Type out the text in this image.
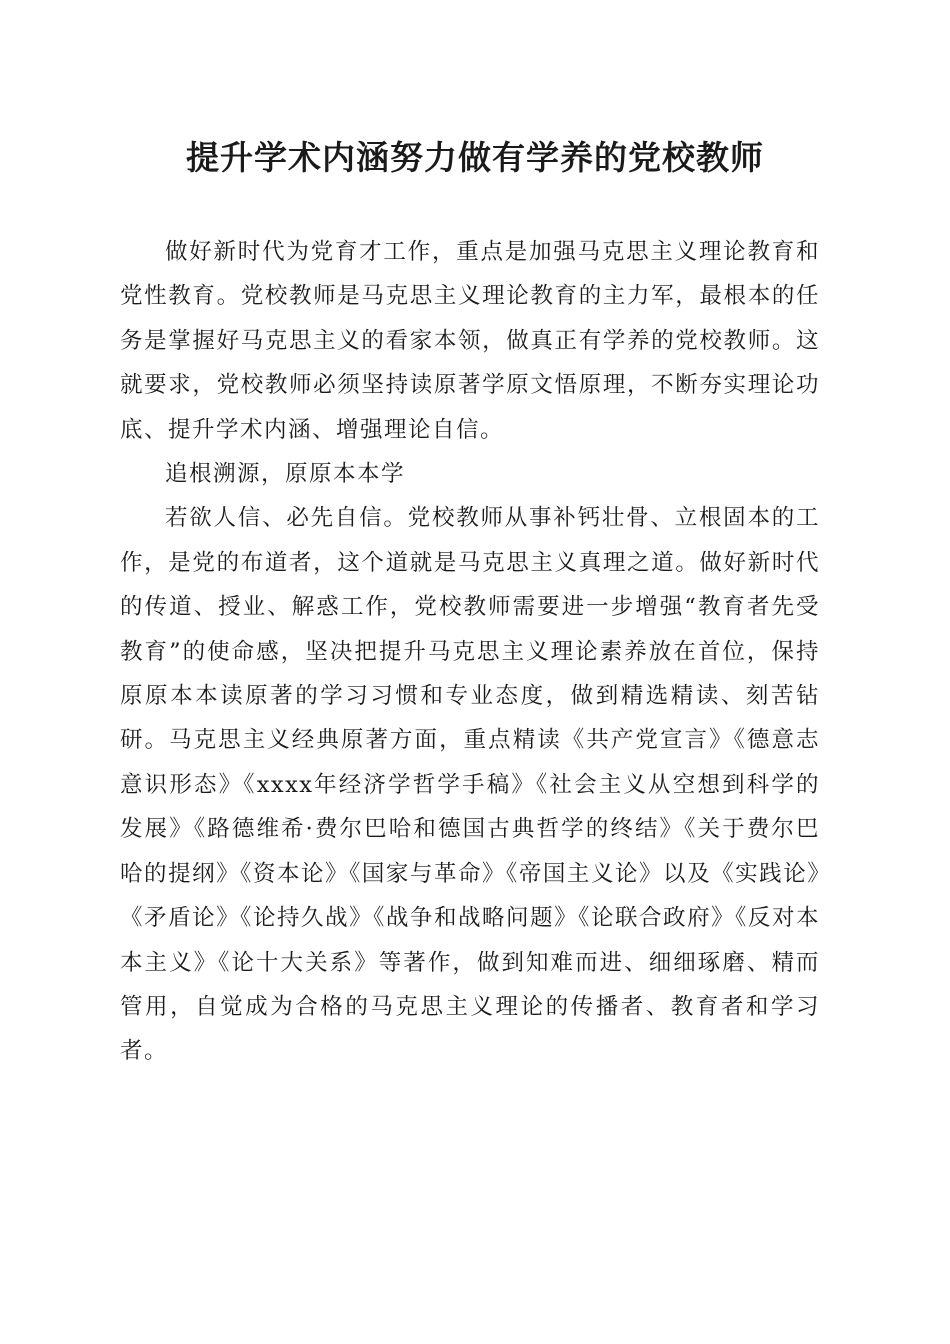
提升学术内涵努力做有学养的党校教师

做好新时代为党育才工作，重点是加强马克思主义理论教育和党性教育。党校教师是马克思主义理论教育的主力军，最根本的任务是掌握好马克思主义的看家本领，做真正有学养的党校教师。这就要求，党校教师必须坚持读原著学原文悟原理，不断夯实理论功底、提升学术内涵、增强理论自信。

追根溯源，原原本本学

若欲人信、必先自信。党校教师从事补钙壮骨、立根固本的工作，是党的布道者，这个道就是马克思主义真理之道。做好新时代的传道、授业、解惑工作，党校教师需要进一步增强“教育者先受教育”的使命感，坚决把提升马克思主义理论素养放在首位，保持原原本本读原著的学习习惯和专业态度，做到精选精读、刻苦钻研。马克思主义经典原著方面，重点精读《共产党宣言》《德意志意识形态》《xxxx年经济学哲学手稿》《社会主义从空想到科学的发展》《路德维希·费尔巴哈和德国古典哲学的终结》《关于费尔巴哈的提纲》《资本论》《国家与革命》《帝国主义论》以及《实践论》《矛盾论》《论持久战》《战争和战略问题》《论联合政府》《反对本本主义》《论十大关系》等著作，做到知难而进、细细琢磨、精而管用，自觉成为合格的马克思主义理论的传播者、教育者和学习者。
